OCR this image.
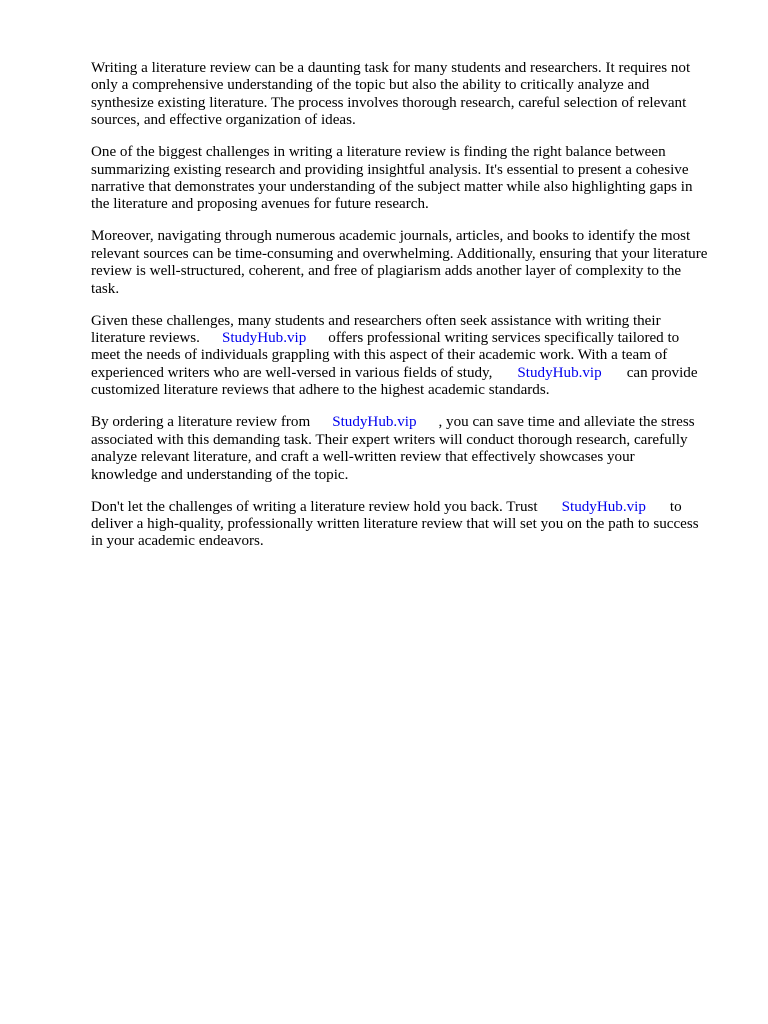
Writing a literature review can be a daunting task for many students and researchers. It requires not
only a comprehensive understanding of the topic but also the ability to critically analyze and
synthesize existing literature. The process involves thorough research, careful selection of relevant
sources, and effective organization of ideas.

One of the biggest challenges in writing a literature review is finding the right balance between
summarizing existing research and providing insightful analysis. It's essential to present a cohesive
narrative that demonstrates your understanding of the subject matter while also highlighting gaps in
the literature and proposing avenues for future research.

Moreover, navigating through numerous academic journals, articles, and books to identify the most
relevant sources can be time-consuming and overwhelming. Additionally, ensuring that your literature
review is well-structured, coherent, and free of plagiarism adds another layer of complexity to the
task.

Given these challenges, many students and researchers often seek assistance with writing their
literature reviews. StudyHub.vip offers professional writing services specifically tailored to
meet the needs of individuals grappling with this aspect of their academic work. With a team of
experienced writers who are well-versed in various fields of study, StudyHub.vip can provide
customized literature reviews that adhere to the highest academic standards.

By ordering a literature review from StudyHub.vip , you can save time and alleviate the stress
associated with this demanding task. Their expert writers will conduct thorough research, carefully
analyze relevant literature, and craft a well-written review that effectively showcases your
knowledge and understanding of the topic.

Don't let the challenges of writing a literature review hold you back. Trust StudyHub.vip to
deliver a high-quality, professionally written literature review that will set you on the path to success
in your academic endeavors.
